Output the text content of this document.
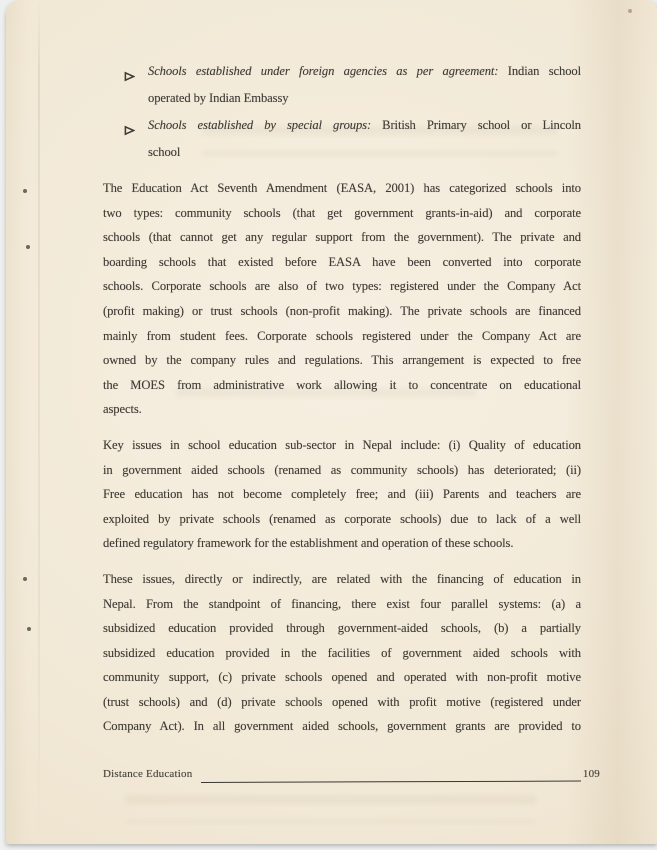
Schools established under foreign agencies as per agreement: Indian school
operated by Indian Embassy
Schools established by special groups: British Primary school or Lincoln
school
The Education Act Seventh Amendment (EASA, 2001) has categorized schools into
two types: community schools (that get government grants-in-aid) and corporate
schools (that cannot get any regular support from the government). The private and
boarding schools that existed before EASA have been converted into corporate
schools. Corporate schools are also of two types: registered under the Company Act
(profit making) or trust schools (non-profit making). The private schools are financed
mainly from student fees. Corporate schools registered under the Company Act are
owned by the company rules and regulations. This arrangement is expected to free
the MOES from administrative work allowing it to concentrate on educational
aspects.
Key issues in school education sub-sector in Nepal include: (i) Quality of education
in government aided schools (renamed as community schools) has deteriorated; (ii)
Free education has not become completely free; and (iii) Parents and teachers are
exploited by private schools (renamed as corporate schools) due to lack of a well
defined regulatory framework for the establishment and operation of these schools.
These issues, directly or indirectly, are related with the financing of education in
Nepal. From the standpoint of financing, there exist four parallel systems: (a) a
subsidized education provided through government-aided schools, (b) a partially
subsidized education provided in the facilities of government aided schools with
community support, (c) private schools opened and operated with non-profit motive
(trust schools) and (d) private schools opened with profit motive (registered under
Company Act). In all government aided schools, government grants are provided to
Distance Education	109
